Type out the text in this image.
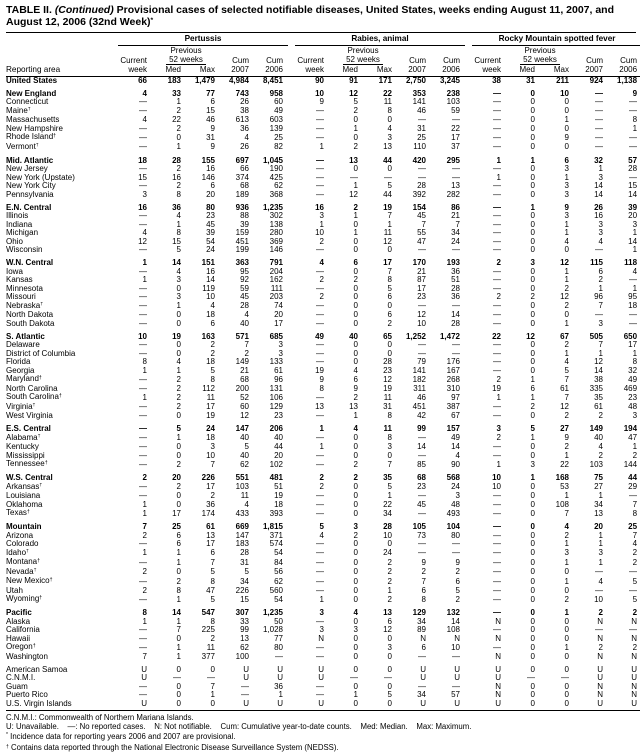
TABLE II. (Continued) Provisional cases of selected notifiable diseases, United States, weeks ending August 11, 2007, and August 12, 2006 (32nd Week)*
	Pertussis						Rabies, animal						Rocky Mountain spotted fever				
		Previous						Previous						Previous			
	Current	52 weeks		Cum	Cum		Current	52 weeks		Cum	Cum		Current	52 weeks		Cum	Cum
Reporting area	week	Med	Max	2007	2006		week	Med	Max	2007	2006		week	Med	Max	2007	2006
United States	66	183	1,479	4,984	8,451		90	91	171	2,750	3,245		38	31	211	924	1,138
New England	4	33	77	743	958		10	12	22	353	238		—	0	10	—	9
Connecticut	—	1	6	26	60		9	5	11	141	103		—	0	0	—	—
Maine†	—	2	15	38	49		—	2	8	46	59		—	0	0	—	—
Massachusetts	4	22	46	613	603		—	0	0	—	—		—	0	1	—	8
New Hampshire	—	2	9	36	139		—	1	4	31	22		—	0	0	—	1
Rhode Island†	—	0	31	4	25		—	0	3	25	17		—	0	9	—	—
Vermont†	—	1	9	26	82		1	2	13	110	37		—	0	0	—	—
Mid. Atlantic	18	28	155	697	1,045		—	13	44	420	295		1	1	6	32	57
New Jersey	—	2	16	66	190		—	0	0	—	—		—	0	3	1	28
New York (Upstate)	15	16	146	374	425		—	—	—	—	—		1	0	1	3	—
New York City	—	2	6	68	62		—	1	5	28	13		—	0	3	14	15
Pennsylvania	3	8	20	189	368		—	12	44	392	282		—	0	3	14	14
E.N. Central	16	36	80	936	1,235		16	2	19	154	86		—	1	9	26	39
Illinois	—	4	23	88	302		3	1	7	45	21		—	0	3	16	20
Indiana	—	1	45	39	138		1	0	1	7	7		—	0	1	3	3
Michigan	4	8	39	159	280		10	1	11	55	34		—	0	1	3	1
Ohio	12	15	54	451	369		2	0	12	47	24		—	0	4	4	14
Wisconsin	—	5	24	199	146		—	0	0	—	—		—	0	0	—	1
W.N. Central	1	14	151	363	791		4	6	17	170	193		2	3	12	115	118
Iowa	—	4	16	95	204		—	0	7	21	36		—	0	1	6	4
Kansas	1	3	14	92	162		2	2	8	87	51		—	0	1	2	—
Minnesota	—	0	119	59	111		—	0	5	17	28		—	0	2	1	1
Missouri	—	3	10	45	203		2	0	6	23	36		2	2	12	96	95
Nebraska†	—	1	4	28	74		—	0	0	—	—		—	0	2	7	18
North Dakota	—	0	18	4	20		—	0	6	12	14		—	0	0	—	—
South Dakota	—	0	6	40	17		—	0	2	10	28		—	0	1	3	—
S. Atlantic	10	19	163	571	685		49	40	65	1,252	1,472		22	12	67	505	650
Delaware	—	0	2	7	3		—	0	0	—	—		—	0	2	7	17
District of Columbia	—	0	2	2	3		—	0	0	—	—		—	0	1	1	1
Florida	8	4	18	149	133		—	0	28	79	176		—	0	4	12	8
Georgia	1	1	5	21	61		19	4	23	141	167		—	0	5	14	32
Maryland†	—	2	8	68	96		9	6	12	182	268		2	1	7	38	49
North Carolina	—	2	112	200	131		8	9	19	311	310		19	6	61	335	469
South Carolina†	1	2	11	52	106		—	2	11	46	97		1	1	7	35	23
Virginia†	—	2	17	60	129		13	13	31	451	387		—	2	12	61	48
West Virginia	—	0	19	12	23		—	1	8	42	67		—	0	2	2	3
E.S. Central	—	5	24	147	206		1	4	11	99	157		3	5	27	149	194
Alabama†	—	1	18	40	40		—	0	8	—	49		2	1	9	40	47
Kentucky	—	0	3	5	44		1	0	3	14	14		—	0	2	4	1
Mississippi	—	0	10	40	20		—	0	0	—	4		—	0	1	2	2
Tennessee†	—	2	7	62	102		—	2	7	85	90		1	3	22	103	144
W.S. Central	2	20	226	551	481		2	2	35	68	568		10	1	168	75	44
Arkansas†	—	2	17	103	51		2	0	5	23	24		10	0	53	27	29
Louisiana	—	0	2	11	19		—	0	1	—	3		—	0	1	1	—
Oklahoma	1	0	36	4	18		—	0	22	45	48		—	0	108	34	7
Texas†	1	17	174	433	393		—	0	34	—	493		—	0	7	13	8
Mountain	7	25	61	669	1,815		5	3	28	105	104		—	0	4	20	25
Arizona	2	6	13	147	371		4	2	10	73	80		—	0	2	1	7
Colorado	—	6	17	183	574		—	0	0	—	—		—	0	1	1	4
Idaho†	1	1	6	28	54		—	0	24	—	—		—	0	3	3	2
Montana†	—	1	7	31	84		—	0	2	9	9		—	0	1	1	2
Nevada†	2	0	5	5	56		—	0	2	2	2		—	0	0	—	—
New Mexico†	—	2	8	34	62		—	0	2	7	6		—	0	1	4	5
Utah	2	8	47	226	560		—	0	1	6	5		—	0	0	—	—
Wyoming†	—	1	5	15	54		1	0	2	8	2		—	0	2	10	5
Pacific	8	14	547	307	1,235		3	4	13	129	132		—	0	1	2	2
Alaska	1	1	8	33	50		—	0	6	34	14		N	0	0	N	N
California	—	7	225	99	1,028		3	3	12	89	108		—	0	0	—	—
Hawaii	—	0	2	13	77		N	0	0	N	N		N	0	0	N	N
Oregon†	—	1	11	62	80		—	0	3	6	10		—	0	1	2	2
Washington	7	1	377	100	—		—	0	0	—	—		N	0	0	N	N
American Samoa	U	0	0	U	U		U	0	0	U	U		U	0	0	U	U
C.N.M.I.	U	—	—	U	U		U	—	—	U	U		U	—	—	U	U
Guam	—	0	7	—	36		—	0	0	—	—		N	0	0	N	N
Puerto Rico	—	0	1	—	1		—	1	5	34	57		N	0	0	N	N
U.S. Virgin Islands	U	0	0	U	U		U	0	0	U	U		U	0	0	U	U
C.N.M.I.: Commonwealth of Northern Mariana Islands.
U: Unavailable.    —: No reported cases.    N: Not notifiable.    Cum: Cumulative year-to-date counts.    Med: Median.    Max: Maximum.
* Incidence data for reporting years 2006 and 2007 are provisional.
† Contains data reported through the National Electronic Disease Surveillance System (NEDSS).
